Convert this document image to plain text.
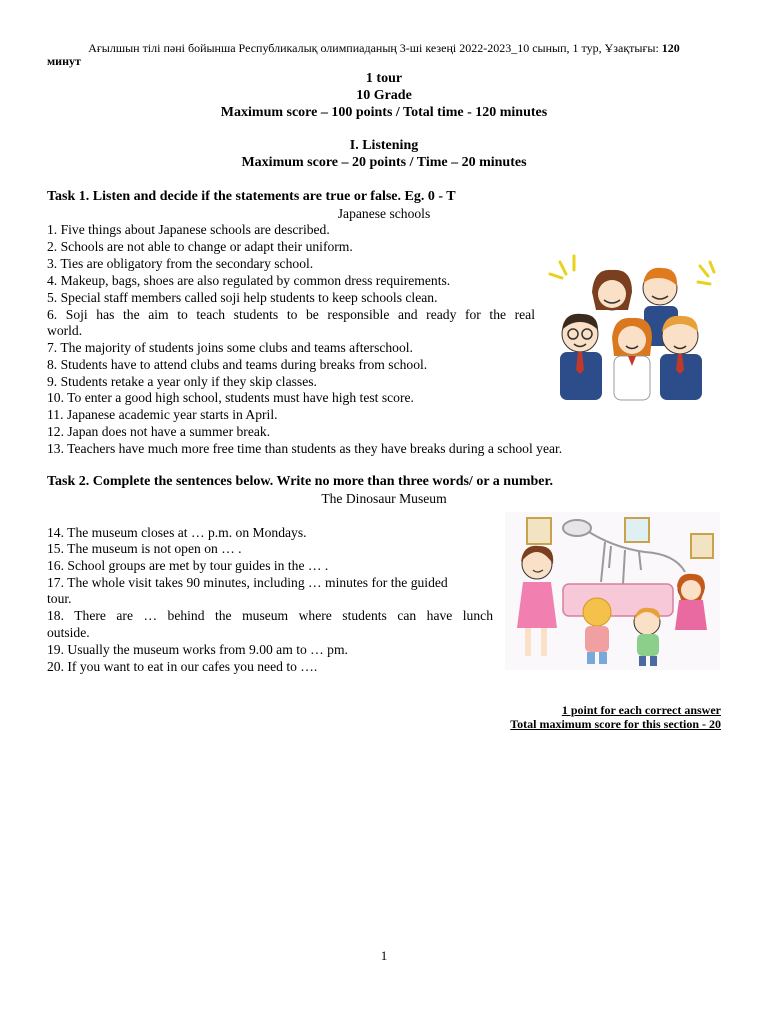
Ағылшын тілі пәні бойынша Республикалық олимпиаданың 3-ші кезеңі 2022-2023_10 сынып, 1 тур, Ұзақтығы: 120
минут
1 tour
10 Grade
Maximum score – 100 points / Total time - 120 minutes
I. Listening
Maximum score – 20 points / Time – 20 minutes
Task 1. Listen and decide if the statements are true or false. Eg. 0 - T
Japanese schools
1. Five things about Japanese schools are described.
2. Schools are not able to change or adapt their uniform.
3. Ties are obligatory from the secondary school.
4. Makeup, bags, shoes are also regulated by common dress requirements.
5. Special staff members called soji help students to keep schools clean.
6. Soji has the aim to teach students to be responsible and ready for the real
world.
7. The majority of students joins some clubs and teams afterschool.
8. Students have to attend clubs and teams during breaks from school.
9. Students retake a year only if they skip classes.
10. To enter a good high school, students must have high test score.
11. Japanese academic year starts in April.
12. Japan does not have a summer break.
13. Teachers have much more free time than students as they have breaks during a school year.
Task 2. Complete the sentences below. Write no more than three words/ or a number.
The Dinosaur Museum
14. The museum closes at … p.m. on Mondays.
15. The museum is not open on … .
16. School groups are met by tour guides in the … .
17. The whole visit takes 90 minutes, including … minutes for the guided
tour.
18. There are … behind the museum where students can have lunch
outside.
19. Usually the museum works from 9.00 am to … pm.
20. If you want to eat in our cafes you need to ….
1 point for each correct answer
Total maximum score for this section - 20
1
